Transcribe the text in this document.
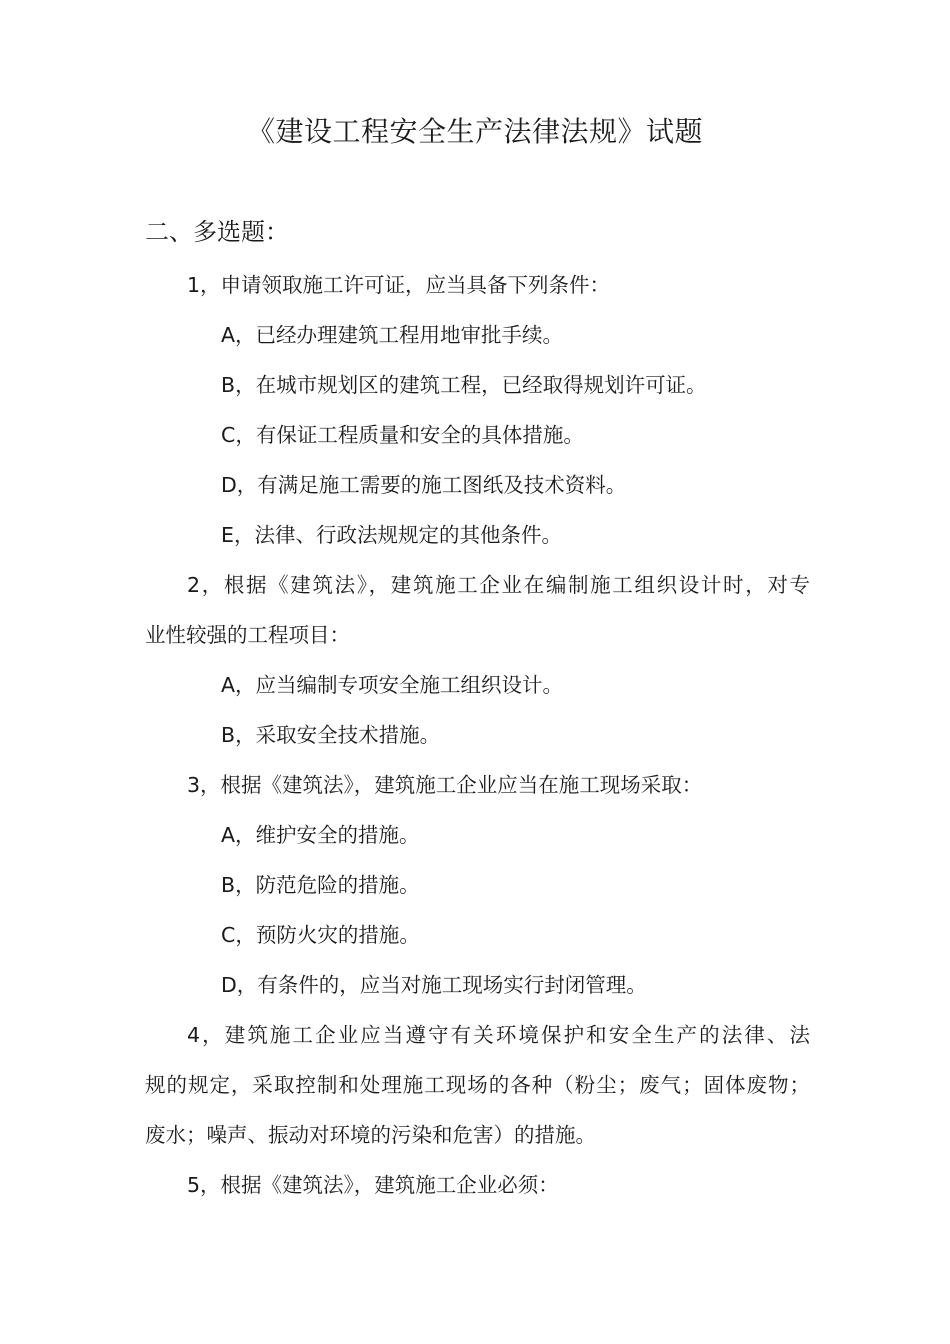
《建设工程安全生产法律法规》试题
二、多选题：
1，申请领取施工许可证，应当具备下列条件：
A，已经办理建筑工程用地审批手续。
B，在城市规划区的建筑工程，已经取得规划许可证。
C，有保证工程质量和安全的具体措施。
D，有满足施工需要的施工图纸及技术资料。
E，法律、行政法规规定的其他条件。
2，根据《建筑法》，建筑施工企业在编制施工组织设计时，对专
业性较强的工程项目：
A，应当编制专项安全施工组织设计。
B，采取安全技术措施。
3，根据《建筑法》，建筑施工企业应当在施工现场采取：
A，维护安全的措施。
B，防范危险的措施。
C，预防火灾的措施。
D，有条件的，应当对施工现场实行封闭管理。
4，建筑施工企业应当遵守有关环境保护和安全生产的法律、法
规的规定，采取控制和处理施工现场的各种（粉尘；废气；固体废物；
废水；噪声、振动对环境的污染和危害）的措施。
5，根据《建筑法》，建筑施工企业必须：
